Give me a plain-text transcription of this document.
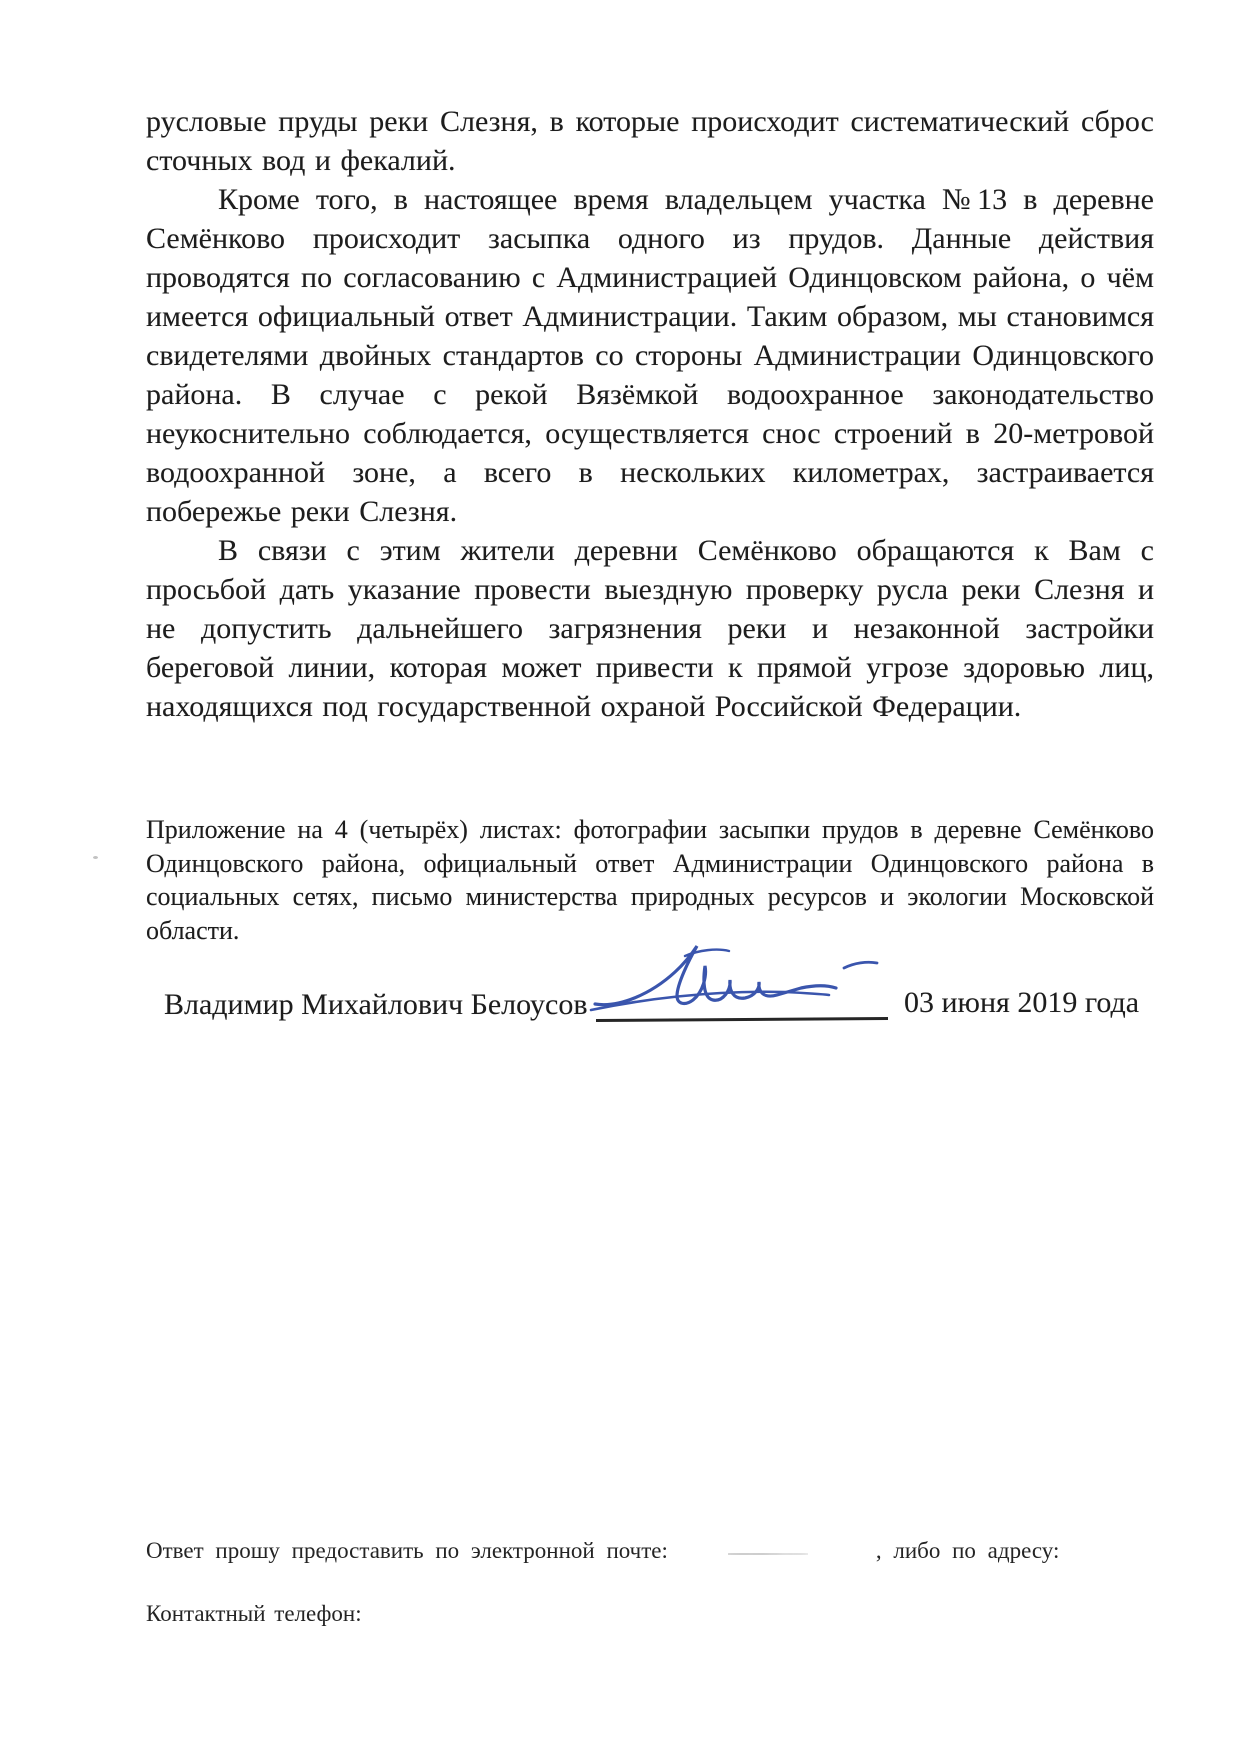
русловые пруды реки Слезня, в которые происходит систематический сброс сточных вод и фекалий.

Кроме того, в настоящее время владельцем участка №13 в деревне Семёнково происходит засыпка одного из прудов. Данные действия проводятся по согласованию с Администрацией Одинцовском района, о чём имеется официальный ответ Администрации. Таким образом, мы становимся свидетелями двойных стандартов со стороны Администрации Одинцовского района. В случае с рекой Вязёмкой водоохранное законодательство неукоснительно соблюдается, осуществляется снос строений в 20-метровой водоохранной зоне, а всего в нескольких километрах, застраивается побережье реки Слезня.

В связи с этим жители деревни Семёнково обращаются к Вам с просьбой дать указание провести выездную проверку русла реки Слезня и не допустить дальнейшего загрязнения реки и незаконной застройки береговой линии, которая может привести к прямой угрозе здоровью лиц, находящихся под государственной охраной Российской Федерации.

Приложение на 4 (четырёх) листах: фотографии засыпки прудов в деревне Семёнково Одинцовского района, официальный ответ Администрации Одинцовского района в социальных сетях, письмо министерства природных ресурсов и экологии Московской области.

Владимир Михайлович Белоусов	03 июня 2019 года
Ответ прошу предоставить по электронной почте:	, либо по адресу:
Контактный телефон:
